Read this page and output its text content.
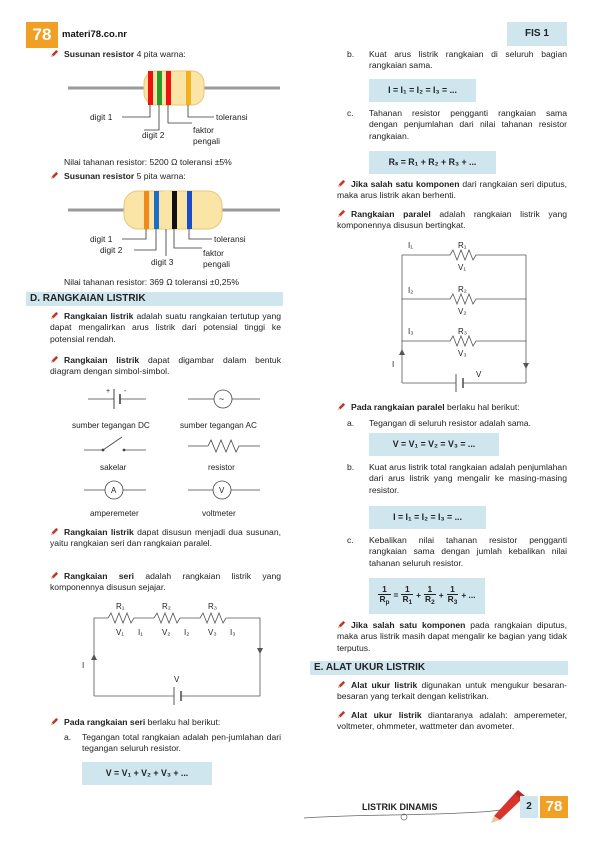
78	materi78.co.nr	FIS 1
Susunan resistor 4 pita warna:
digit 1
digit 2	faktor
pengali
toleransi
Nilai tahanan resistor: 5200 Ω toleransi ±5%
Susunan resistor 5 pita warna:
digit 1
digit 2
digit 3
faktor
pengali
toleransi
Nilai tahanan resistor: 369 Ω toleransi ±0,25%
D. RANGKAIAN LISTRIK
Rangkaian listrik adalah suatu rangkaian tertutup yang dapat mengalirkan arus listrik dari potensial tinggi ke potensial rendah.
Rangkaian listrik dapat digambar dalam bentuk diagram dengan simbol-simbol.
+ -
sumber tegangan DC
~
sumber tegangan AC
sakelar	resistor
A
amperemeter
V
voltmeter
Rangkaian listrik dapat disusun menjadi dua susunan, yaitu rangkaian seri dan rangkaian paralel.
Rangkaian seri adalah rangkaian listrik yang komponennya disusun sejajar.
R₁	R₂	R₃
V₁ I₁ V₂ I₂ V₃ I₃
I
V
Pada rangkaian seri berlaku hal berikut:
a. Tegangan total rangkaian adalah pen-jumlahan dari tegangan seluruh resistor.
V = V₁ + V₂ + V₃ + ...
b. Kuat arus listrik rangkaian di seluruh bagian rangkaian sama.
I = I₁ = I₂ = I₃ = ...
c. Tahanan resistor pengganti rangkaian sama dengan penjumlahan dari nilai tahanan resistor rangkaian.
Rₛ = R₁ + R₂ + R₃ + ...
Jika salah satu komponen dari rangkaian seri diputus, maka arus listrik akan berhenti.
Rangkaian paralel adalah rangkaian listrik yang komponennya disusun bertingkat.
I₁	R₁
V₁
I₂	R₂
V₂
I₃	R₃
V₃
I
V
Pada rangkaian paralel berlaku hal berikut:
a. Tegangan di seluruh resistor adalah sama.
V = V₁ = V₂ = V₃ = ...
b. Kuat arus listrik total rangkaian adalah penjumlahan dari arus listrik yang mengalir ke masing-masing resistor.
I = I₁ = I₂ = I₃ = ...
c. Kebalikan nilai tahanan resistor pengganti rangkaian sama dengan jumlah kebalikan nilai tahanan seluruh resistor.
$\frac{1}{R_p} = \frac{1}{R_1} + \frac{1}{R_2} + \frac{1}{R_3}$ + ...
Jika salah satu komponen pada rangkaian diputus, maka arus listrik masih dapat mengalir ke bagian yang tidak terputus.
E. ALAT UKUR LISTRIK
Alat ukur listrik digunakan untuk mengukur besaran-besaran yang terkait dengan kelistrikan.
Alat ukur listrik diantaranya adalah: amperemeter, voltmeter, ohmmeter, wattmeter dan avometer.
LISTRIK DINAMIS	2 78
